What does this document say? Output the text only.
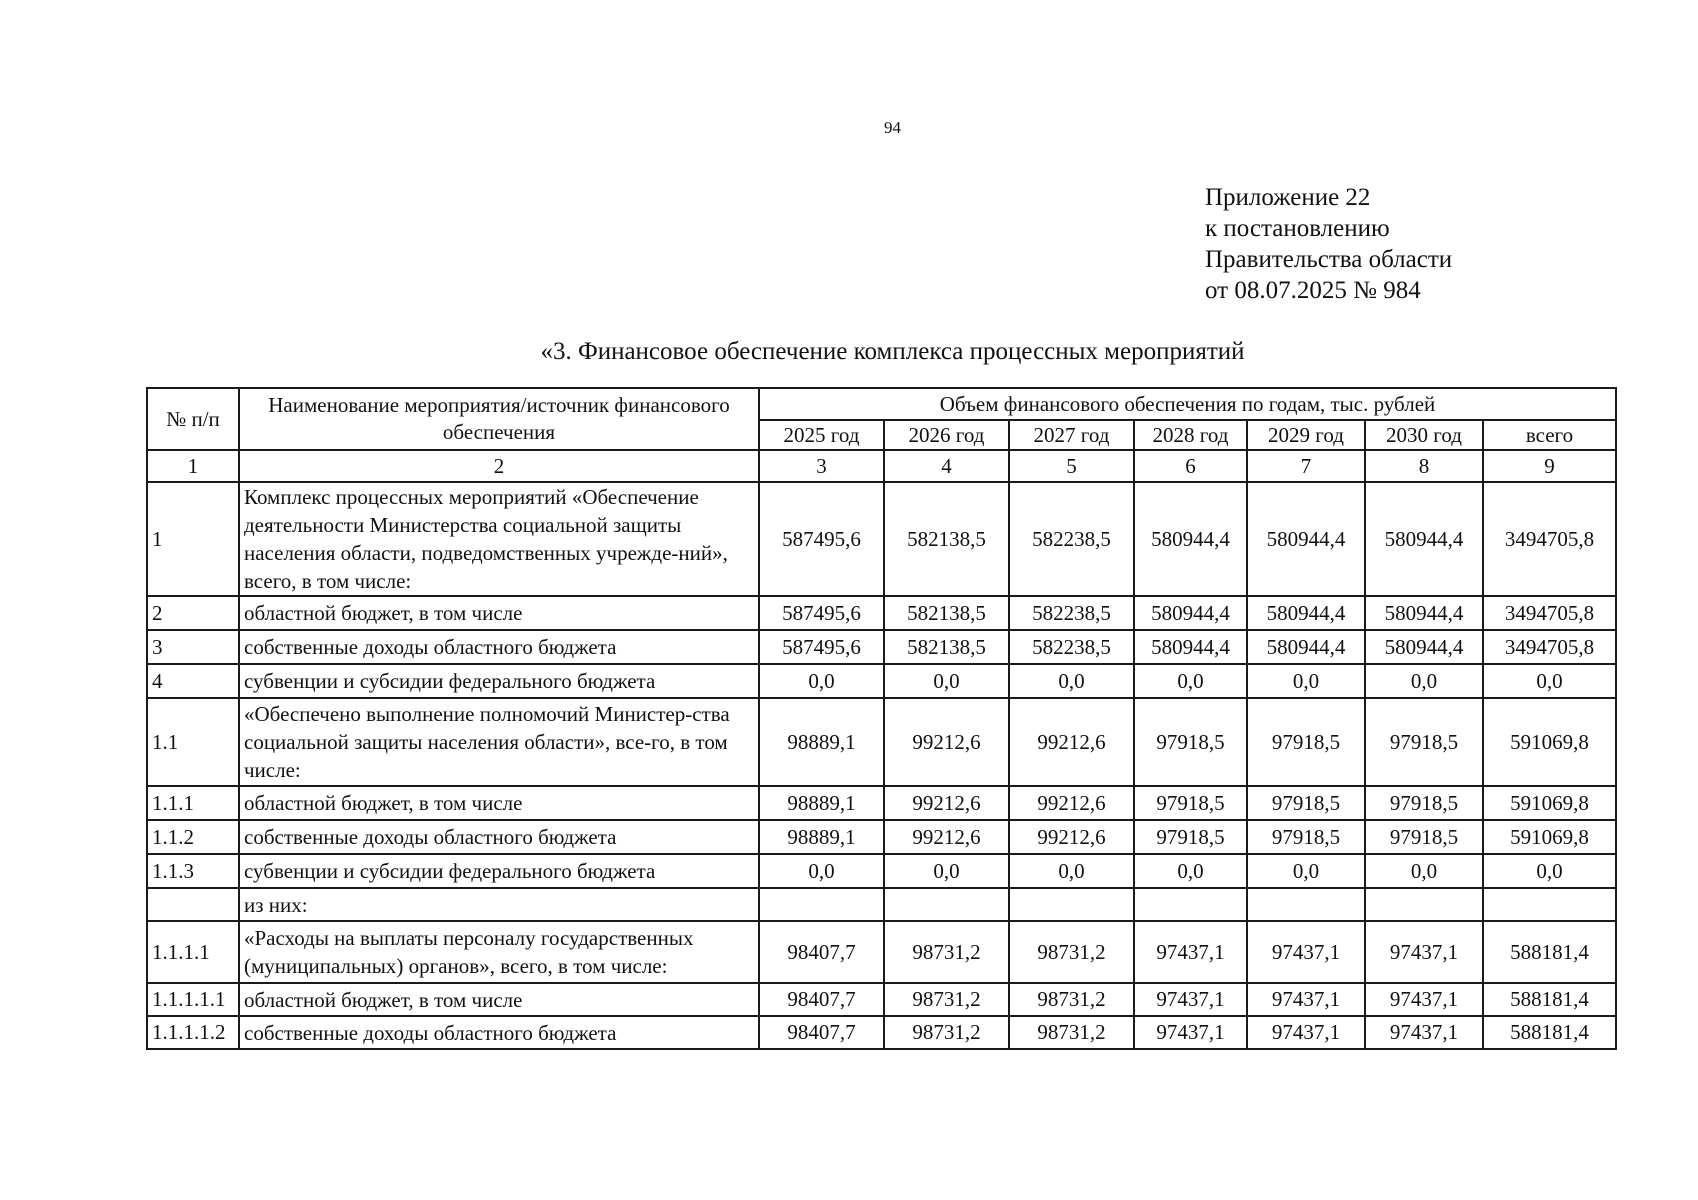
94
Приложение 22
к постановлению
Правительства области
от 08.07.2025 № 984
«3. Финансовое обеспечение комплекса процессных мероприятий
№ п/п	Наименование мероприятия/источник финансового обеспечения	Объем финансового обеспечения по годам, тыс. рублей						
		2025 год	2026 год	2027 год	2028 год	2029 год	2030 год	всего
1	2	3	4	5	6	7	8	9
1	Комплекс процессных мероприятий «Обеспечение деятельности Министерства социальной защиты населения области, подведомственных учрежде-ний», всего, в том числе:	587495,6	582138,5	582238,5	580944,4	580944,4	580944,4	3494705,8
2	областной бюджет, в том числе	587495,6	582138,5	582238,5	580944,4	580944,4	580944,4	3494705,8
3	собственные доходы областного бюджета	587495,6	582138,5	582238,5	580944,4	580944,4	580944,4	3494705,8
4	субвенции и субсидии федерального бюджета	0,0	0,0	0,0	0,0	0,0	0,0	0,0
1.1	«Обеспечено выполнение полномочий Министер-ства социальной защиты населения области», все-го, в том числе:	98889,1	99212,6	99212,6	97918,5	97918,5	97918,5	591069,8
1.1.1	областной бюджет, в том числе	98889,1	99212,6	99212,6	97918,5	97918,5	97918,5	591069,8
1.1.2	собственные доходы областного бюджета	98889,1	99212,6	99212,6	97918,5	97918,5	97918,5	591069,8
1.1.3	субвенции и субсидии федерального бюджета	0,0	0,0	0,0	0,0	0,0	0,0	0,0
	из них:							
1.1.1.1	«Расходы на выплаты персоналу государственных (муниципальных) органов», всего, в том числе:	98407,7	98731,2	98731,2	97437,1	97437,1	97437,1	588181,4
1.1.1.1.1	областной бюджет, в том числе	98407,7	98731,2	98731,2	97437,1	97437,1	97437,1	588181,4
1.1.1.1.2	собственные доходы областного бюджета	98407,7	98731,2	98731,2	97437,1	97437,1	97437,1	588181,4
